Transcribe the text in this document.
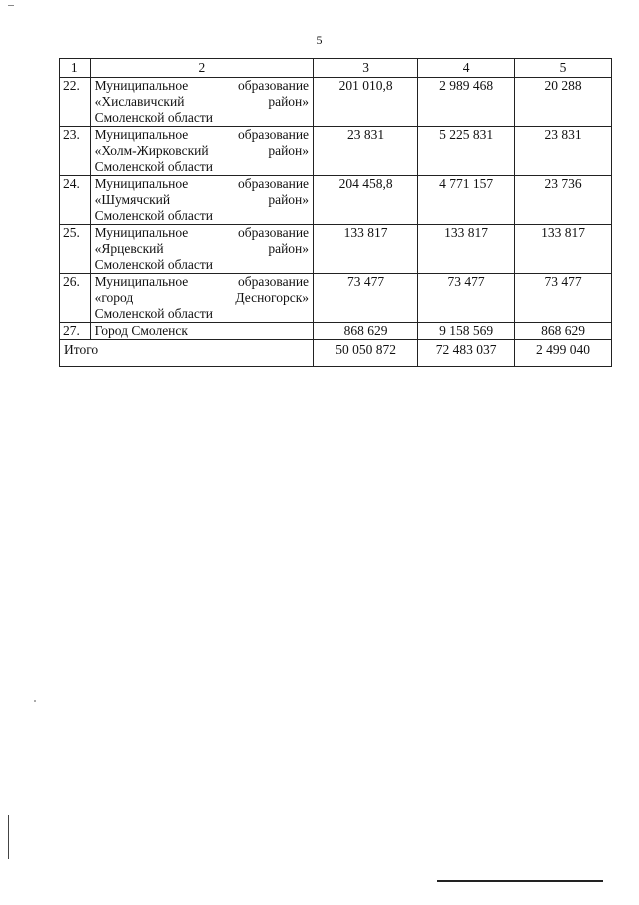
5
1	2	3	4	5
22.	Муниципальное образование
«Хиславичский район»
Смоленской области	201 010,8	2 989 468	20 288
23.	Муниципальное образование
«Холм-Жирковский район»
Смоленской области	23 831	5 225 831	23 831
24.	Муниципальное образование
«Шумячский район»
Смоленской области	204 458,8	4 771 157	23 736
25.	Муниципальное образование
«Ярцевский район»
Смоленской области	133 817	133 817	133 817
26.	Муниципальное образование
«город Десногорск»
Смоленской области	73 477	73 477	73 477
27.	Город Смоленск	868 629	9 158 569	868 629
Итого		50 050 872	72 483 037	2 499 040
